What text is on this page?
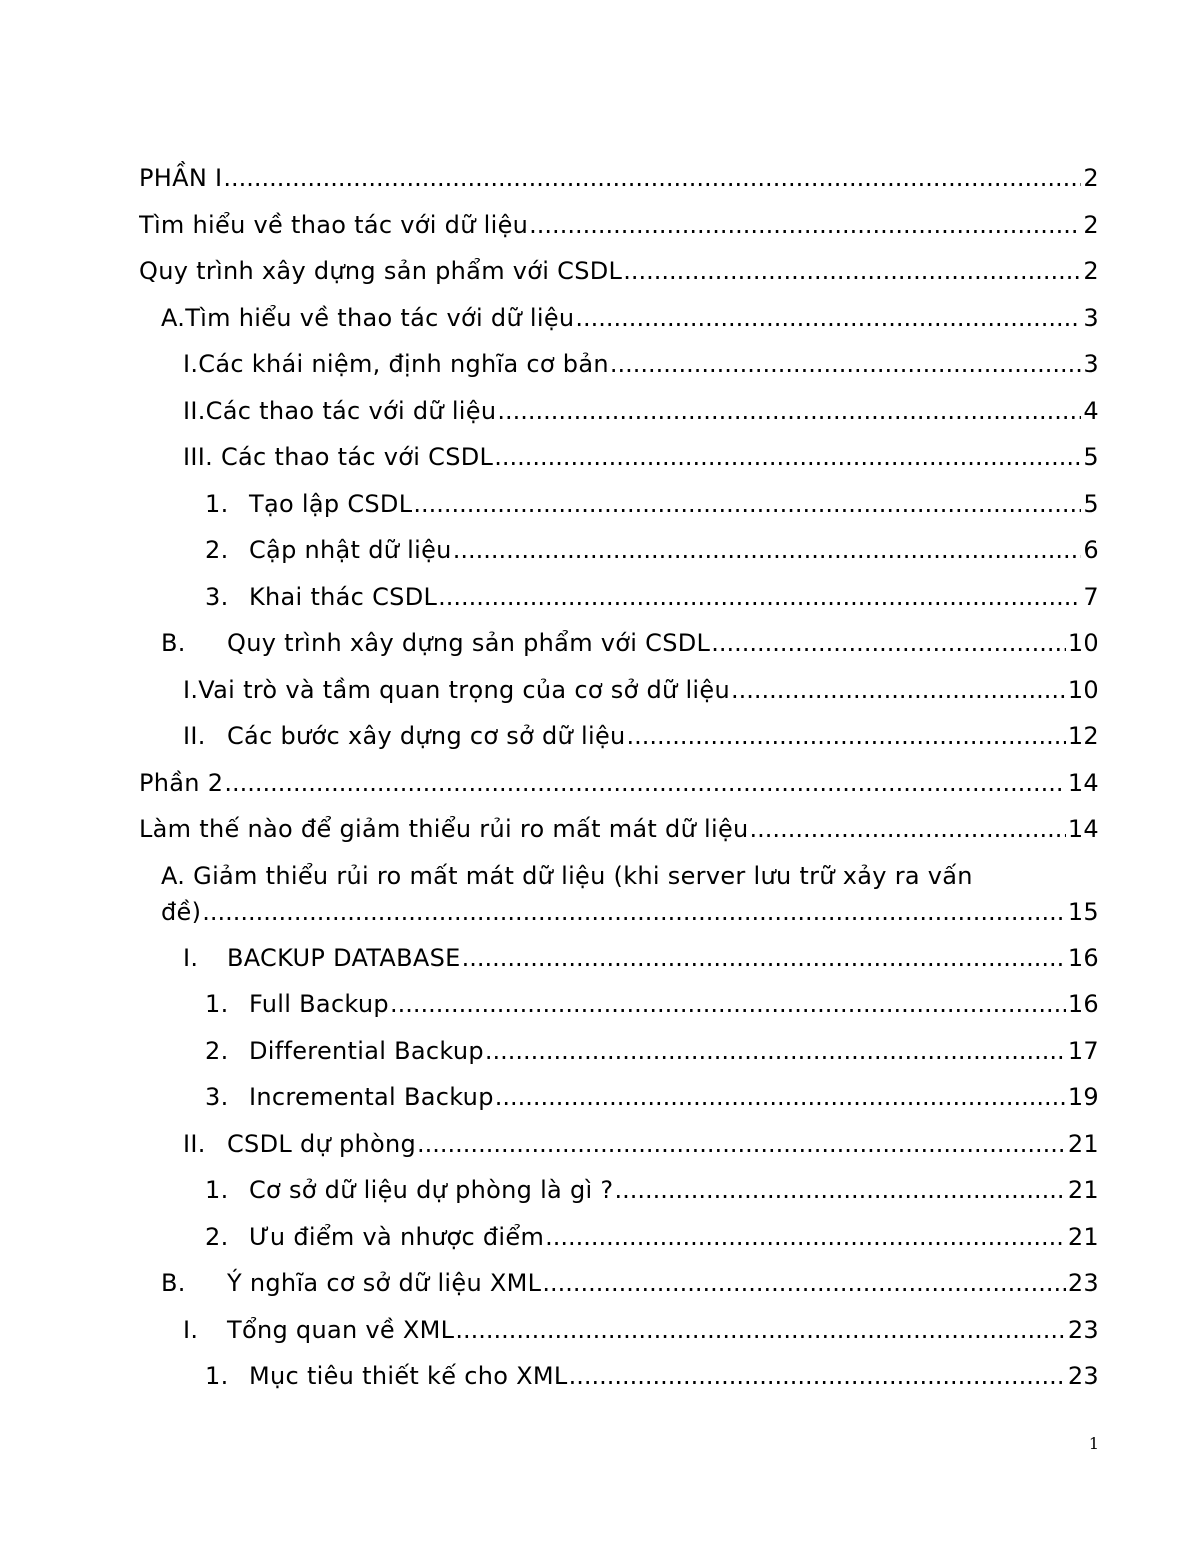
PHẦN I .....	2
Tìm hiểu về thao tác với dữ liệu .....	2
Quy trình xây dựng sản phẩm với CSDL .....	2
A.Tìm hiểu về thao tác với dữ liệu .....	3
I.Các khái niệm, định nghĩa cơ bản .....	3
II.Các thao tác với dữ liệu .....	4
III. Các thao tác với CSDL .....	5
1. Tạo lập CSDL .....	5
2. Cập nhật dữ liệu .....	6
3. Khai thác CSDL .....	7
B.	Quy trình xây dựng sản phẩm với CSDL .....	10
I.Vai trò và tầm quan trọng của cơ sở dữ liệu .....	10
II. Các bước xây dựng cơ sở dữ liệu .....	12
Phần 2 .....	14
Làm thế nào để giảm thiểu rủi ro mất mát dữ liệu .....	14
A. Giảm thiểu rủi ro mất mát dữ liệu (khi server lưu trữ xảy ra vấn
đề) .....	15
I.	BACKUP DATABASE .....	16
1. Full Backup .....	16
2. Differential Backup .....	17
3. Incremental Backup .....	19
II. CSDL dự phòng .....	21
1. Cơ sở dữ liệu dự phòng là gì ? .....	21
2. Ưu điểm và nhược điểm .....	21
B.	Ý nghĩa cơ sở dữ liệu XML .....	23
I.	Tổng quan về XML .....	23
1. Mục tiêu thiết kế cho XML .....	23
1
